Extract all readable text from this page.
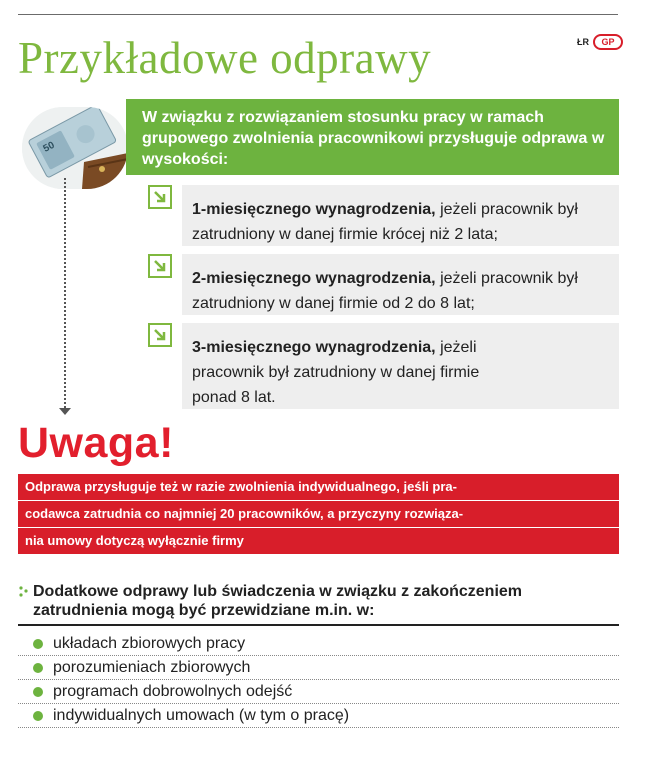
Przykładowe odprawy	ŁR	GP
50
W związku z rozwiązaniem stosunku pracy w ramach grupowego zwolnienia pracownikowi przysługuje odprawa w wysokości:
1-miesięcznego wynagrodzenia, jeżeli pracownik był zatrudniony w danej firmie krócej niż 2 lata;
2-miesięcznego wynagrodzenia, jeżeli pracownik był zatrudniony w danej firmie od 2 do 8 lat;
3-miesięcznego wynagrodzenia, jeżeli pracownik był zatrudniony w danej firmie ponad 8 lat.
Uwaga!
Odprawa przysługuje też w razie zwolnienia indywidualnego, jeśli pra-
codawca zatrudnia co najmniej 20 pracowników, a przyczyny rozwiąza-
nia umowy dotyczą wyłącznie firmy
Dodatkowe odprawy lub świadczenia w związku z zakończeniem zatrudnienia mogą być przewidziane m.in. w:
układach zbiorowych pracy
porozumieniach zbiorowych
programach dobrowolnych odejść
indywidualnych umowach (w tym o pracę)
